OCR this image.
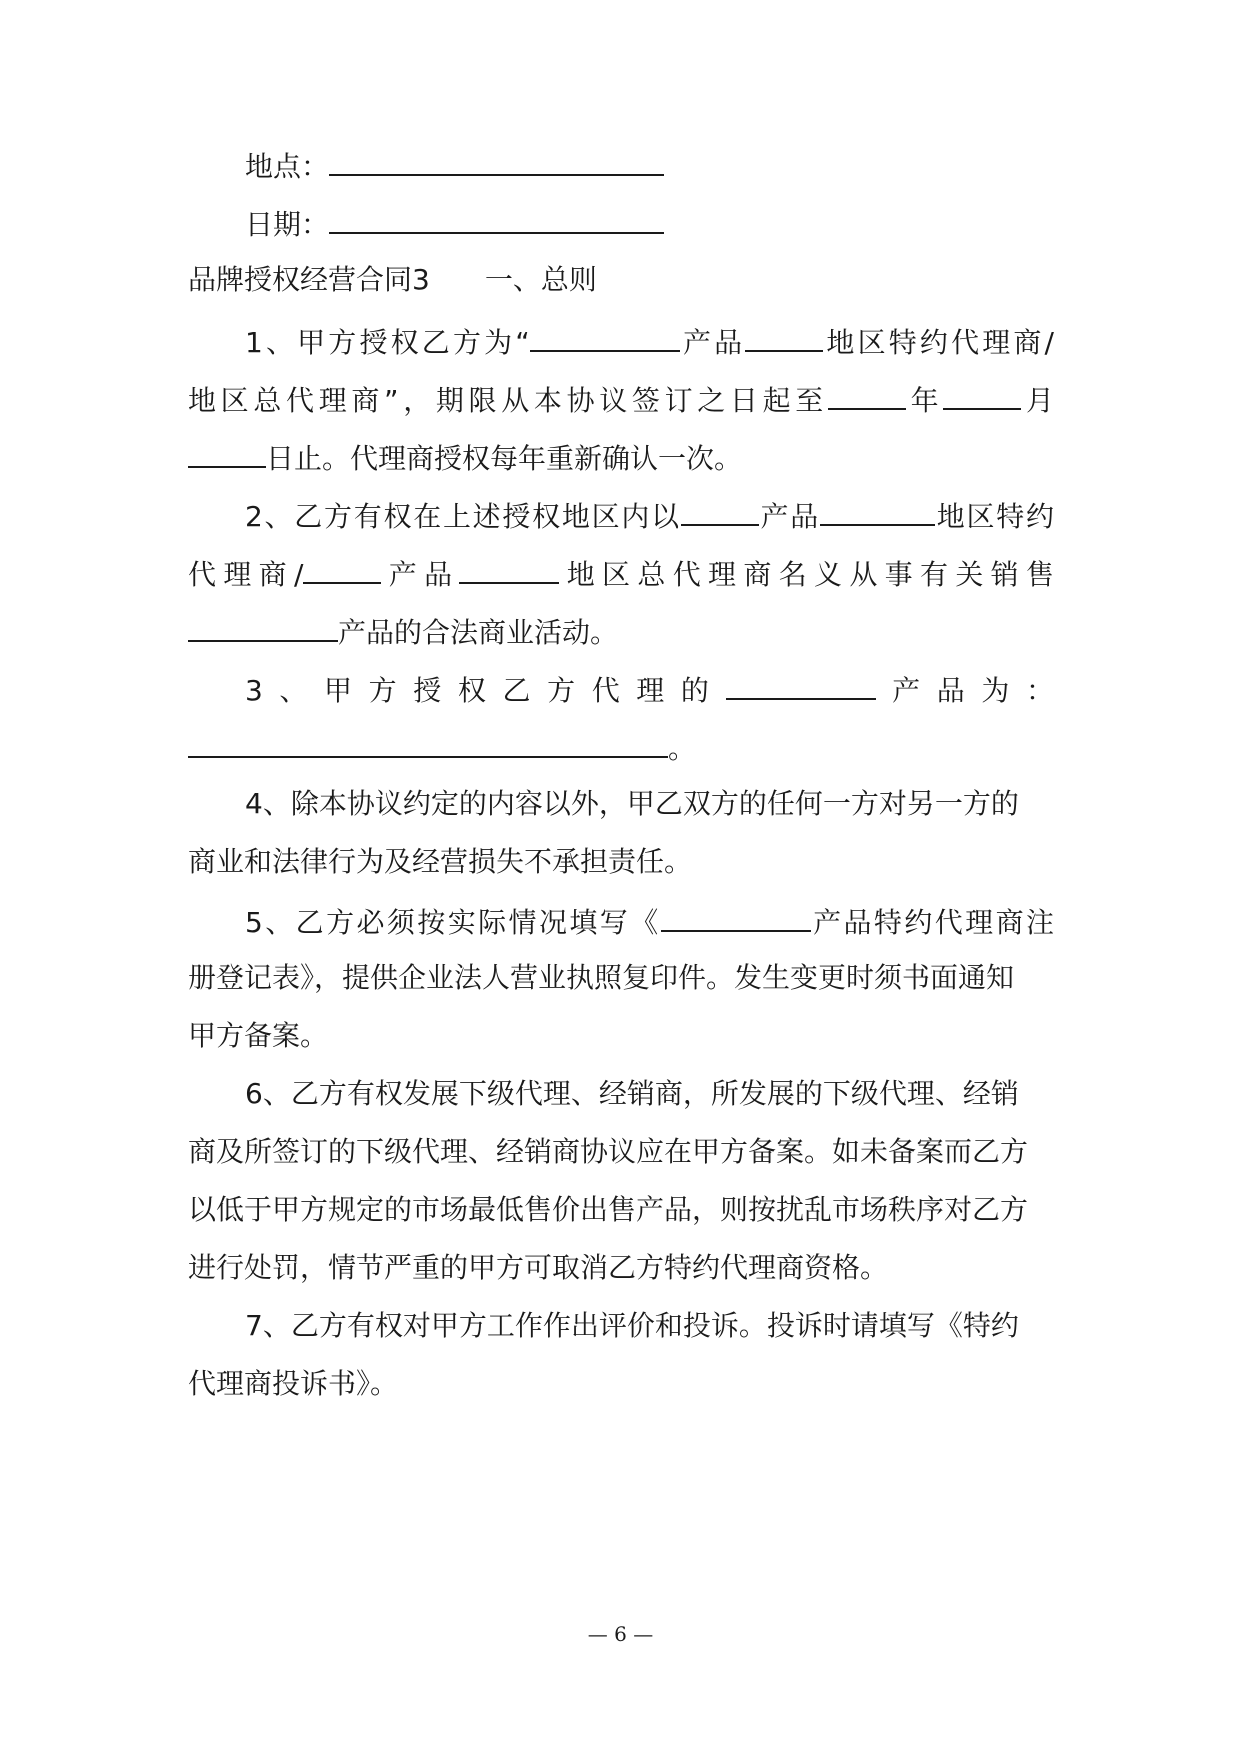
地点：
日期：
品牌授权经营合同3 一、总则
1、甲方授权乙方为“	产品	地区特约代理商/
地区总代理商”，期限从本协议签订之日起至	年	月
日止。代理商授权每年重新确认一次。
2、乙方有权在上述授权地区内以	产品	地区特约
代理商/	产品	地区总代理商名义从事有关销售
产品的合法商业活动。
3、甲方授权乙方代理的	产品为：
。
4、除本协议约定的内容以外，甲乙双方的任何一方对另一方的
商业和法律行为及经营损失不承担责任。
5、乙方必须按实际情况填写《	产品特约代理商注
册登记表》，提供企业法人营业执照复印件。发生变更时须书面通知
甲方备案。
6、乙方有权发展下级代理、经销商，所发展的下级代理、经销
商及所签订的下级代理、经销商协议应在甲方备案。如未备案而乙方
以低于甲方规定的市场最低售价出售产品，则按扰乱市场秩序对乙方
进行处罚，情节严重的甲方可取消乙方特约代理商资格。
7、乙方有权对甲方工作作出评价和投诉。投诉时请填写《特约
代理商投诉书》。
— 6 —
